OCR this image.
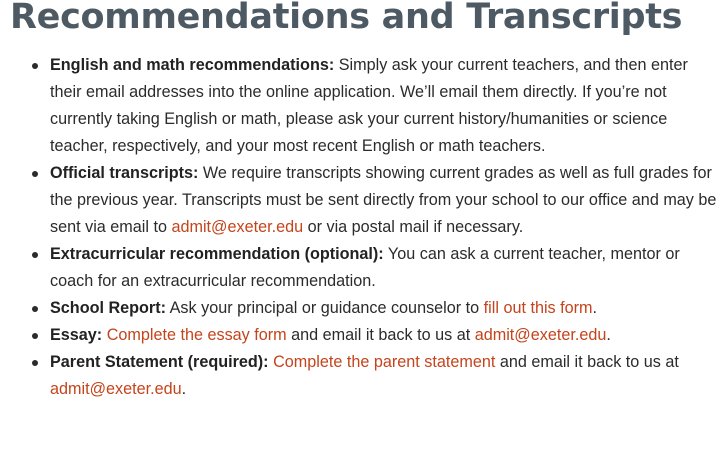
Recommendations and Transcripts
English and math recommendations: Simply ask your current teachers, and then enter their email addresses into the online application. We’ll email them directly. If you’re not currently taking English or math, please ask your current history/humanities or science teacher, respectively, and your most recent English or math teachers.
Official transcripts: We require transcripts showing current grades as well as full grades for the previous year. Transcripts must be sent directly from your school to our office and may be sent via email to admit@exeter.edu or via postal mail if necessary.
Extracurricular recommendation (optional): You can ask a current teacher, mentor or coach for an extracurricular recommendation.
School Report: Ask your principal or guidance counselor to fill out this form.
Essay: Complete the essay form and email it back to us at admit@exeter.edu.
Parent Statement (required): Complete the parent statement and email it back to us at admit@exeter.edu.
